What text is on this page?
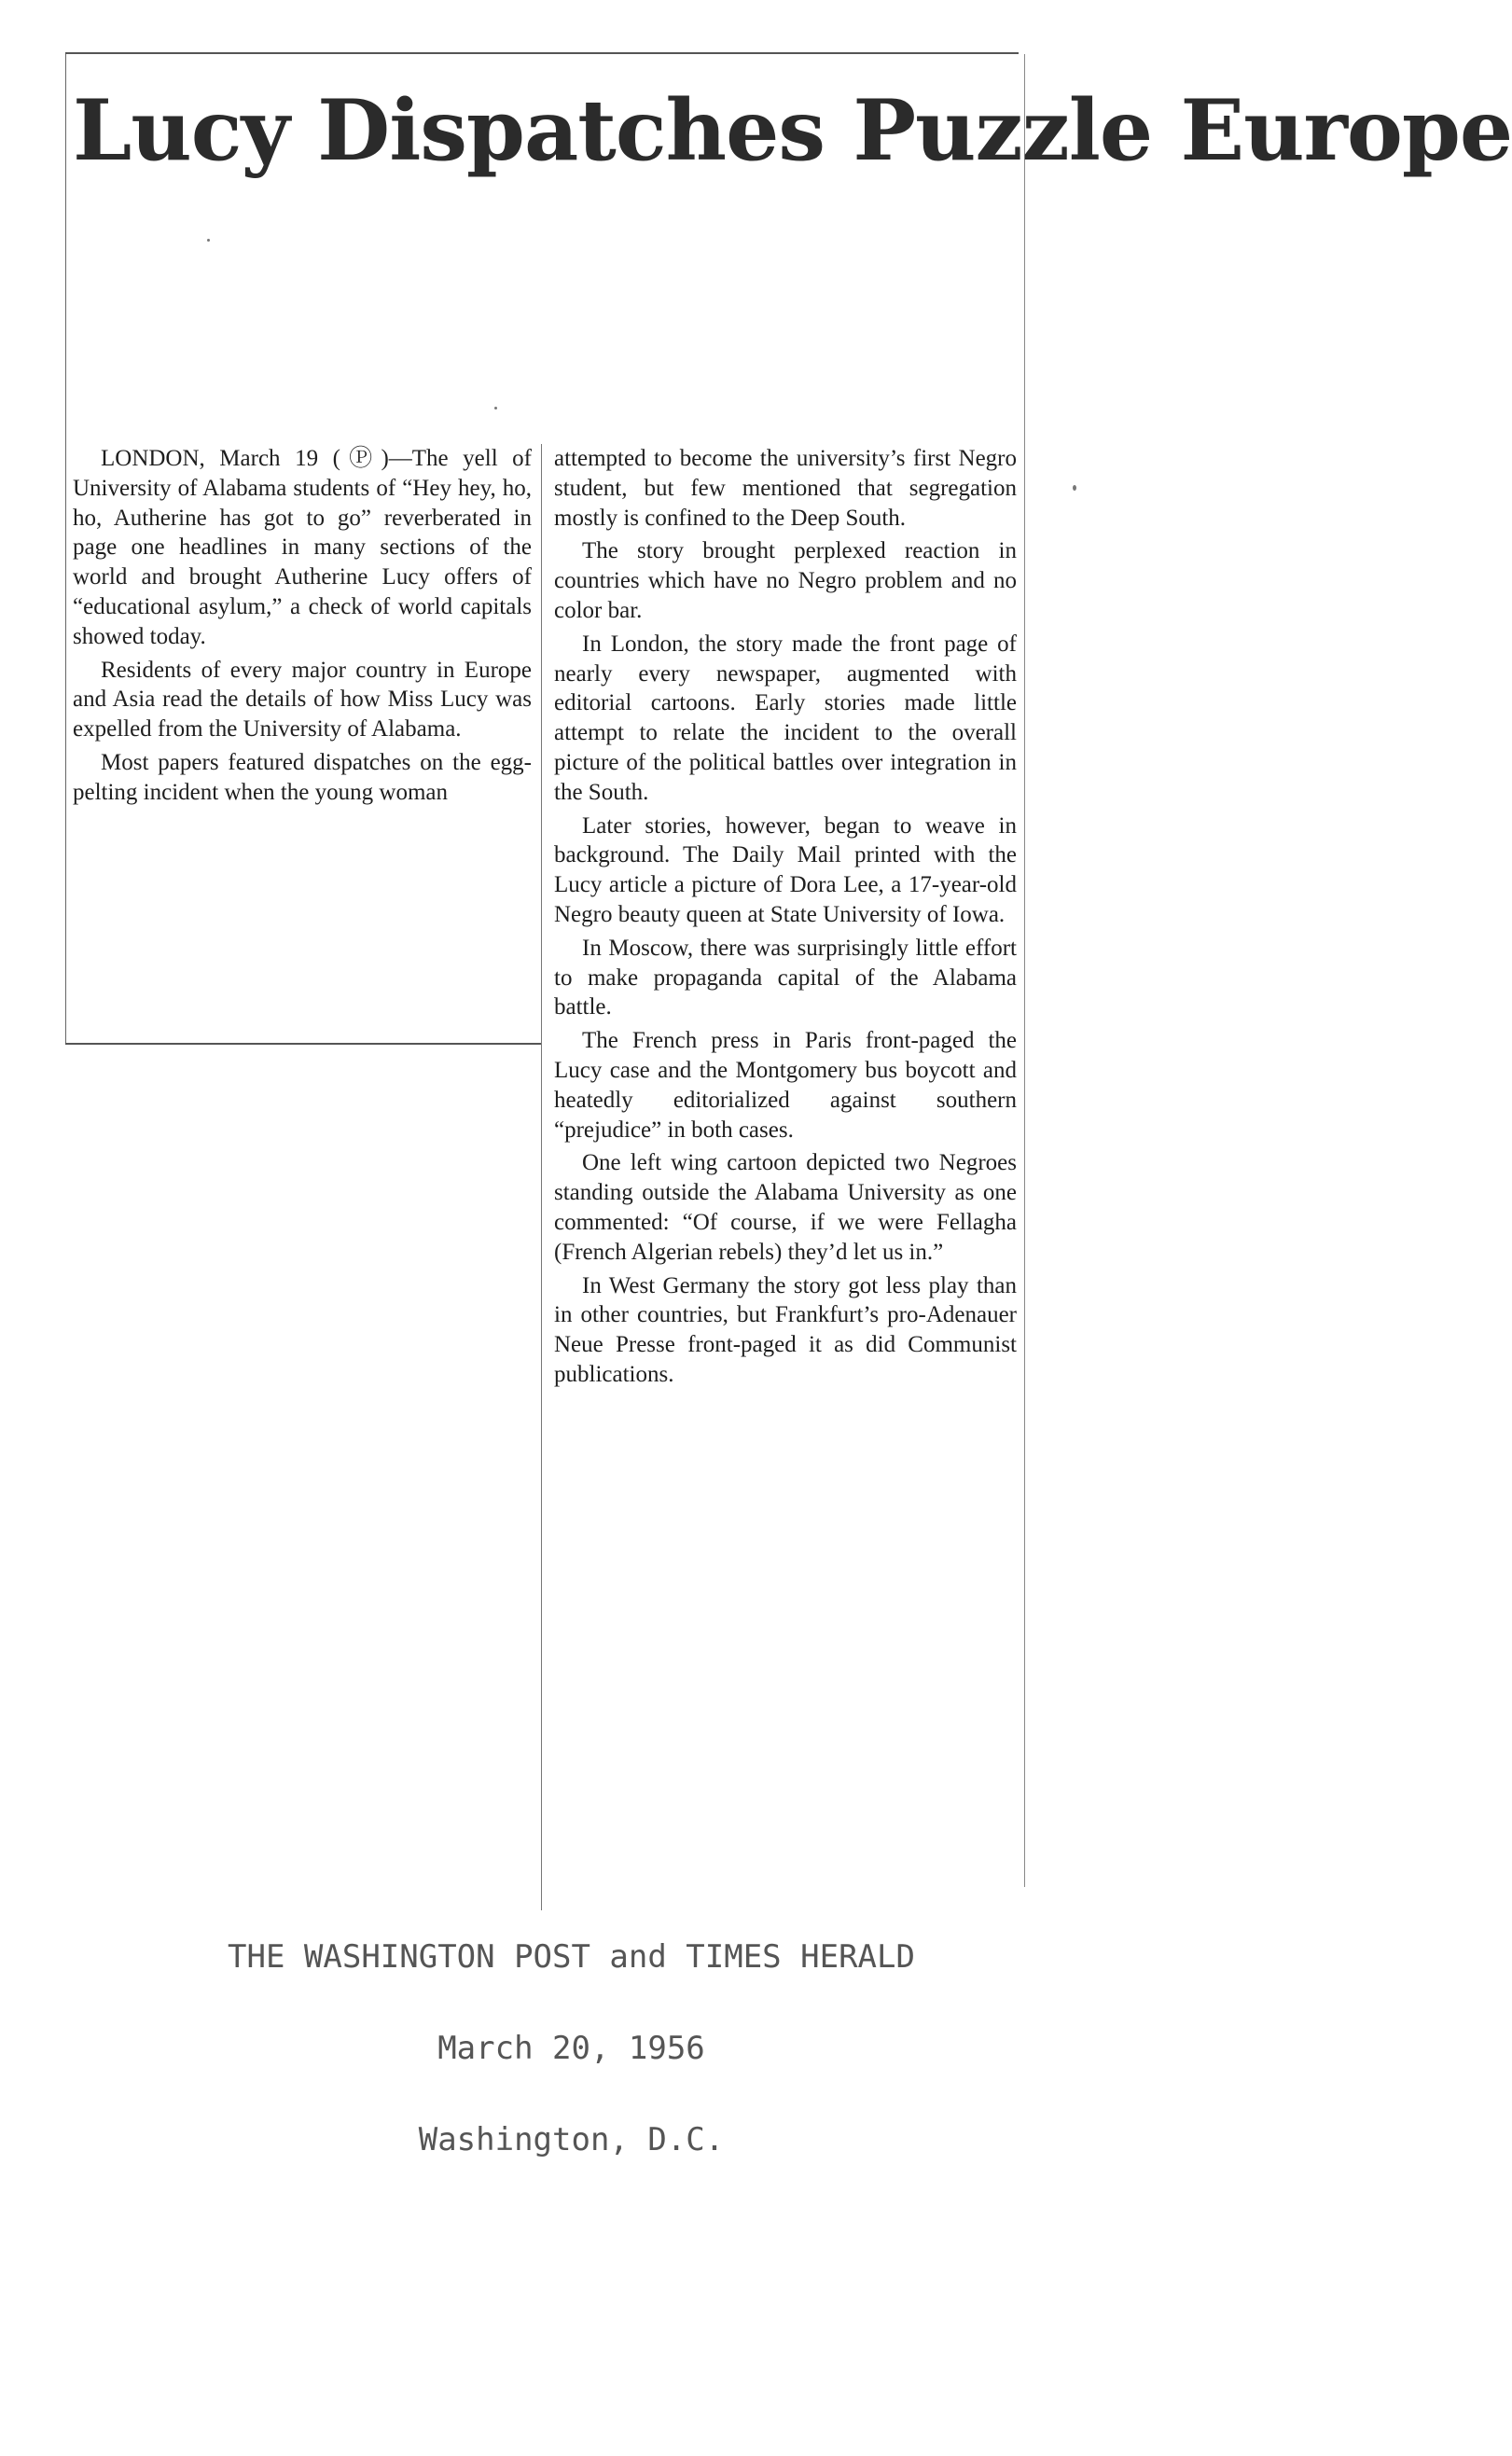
Lucy Dispatches Puzzle Europe

LONDON, March 19 (Ⓟ)—The yell of University of Alabama students of “Hey hey, ho, ho, Autherine has got to go” reverberated in page one headlines in many sections of the world and brought Autherine Lucy offers of “educational asylum,” a check of world capitals showed today.

Residents of every major country in Europe and Asia read the details of how Miss Lucy was expelled from the University of Alabama.

Most papers featured dispatches on the egg-pelting incident when the young woman

attempted to become the university’s first Negro student, but few mentioned that segregation mostly is confined to the Deep South.

The story brought perplexed reaction in countries which have no Negro problem and no color bar.

In London, the story made the front page of nearly every newspaper, augmented with editorial cartoons. Early stories made little attempt to relate the incident to the overall picture of the political battles over integration in the South.

Later stories, however, began to weave in background. The Daily Mail printed with the Lucy article a picture of Dora Lee, a 17-year-old Negro beauty queen at State University of Iowa.

In Moscow, there was surprisingly little effort to make propaganda capital of the Alabama battle.

The French press in Paris front-paged the Lucy case and the Montgomery bus boycott and heatedly editorialized against southern “prejudice” in both cases.

One left wing cartoon depicted two Negroes standing outside the Alabama University as one commented: “Of course, if we were Fellagha (French Algerian rebels) they’d let us in.”

In West Germany the story got less play than in other countries, but Frankfurt’s pro-Adenauer Neue Presse front-paged it as did Communist publications.

THE WASHINGTON POST and TIMES HERALD
March 20, 1956
Washington, D.C.
